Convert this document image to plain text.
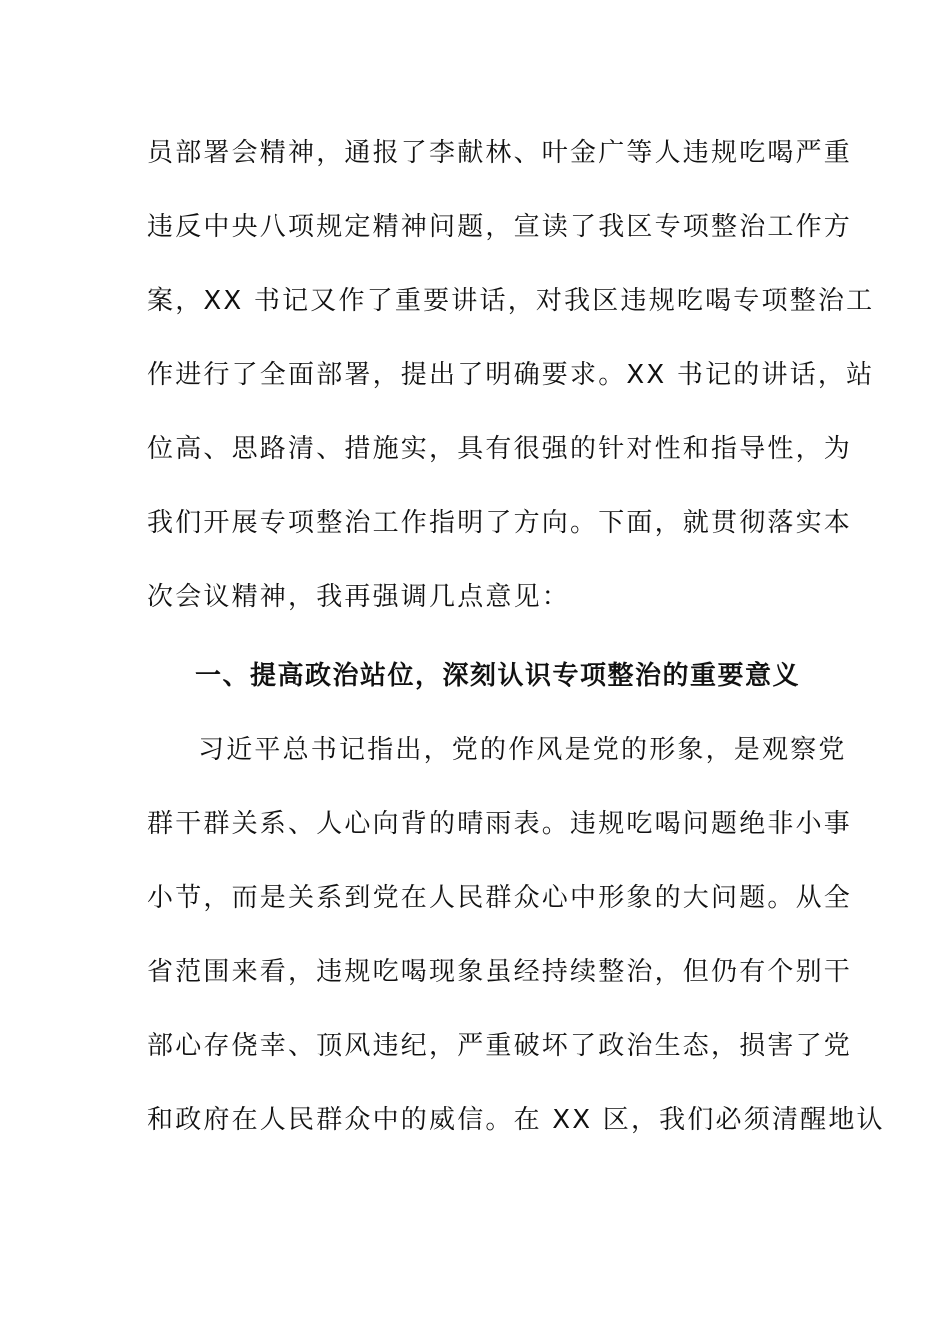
员部署会精神，通报了李献林、叶金广等人违规吃喝严重
违反中央八项规定精神问题，宣读了我区专项整治工作方
案，XX 书记又作了重要讲话，对我区违规吃喝专项整治工
作进行了全面部署，提出了明确要求。XX 书记的讲话，站
位高、思路清、措施实，具有很强的针对性和指导性，为
我们开展专项整治工作指明了方向。下面，就贯彻落实本
次会议精神，我再强调几点意见：
一、提高政治站位，深刻认识专项整治的重要意义
习近平总书记指出，党的作风是党的形象，是观察党
群干群关系、人心向背的晴雨表。违规吃喝问题绝非小事
小节，而是关系到党在人民群众心中形象的大问题。从全
省范围来看，违规吃喝现象虽经持续整治，但仍有个别干
部心存侥幸、顶风违纪，严重破坏了政治生态，损害了党
和政府在人民群众中的威信。在 XX 区，我们必须清醒地认
